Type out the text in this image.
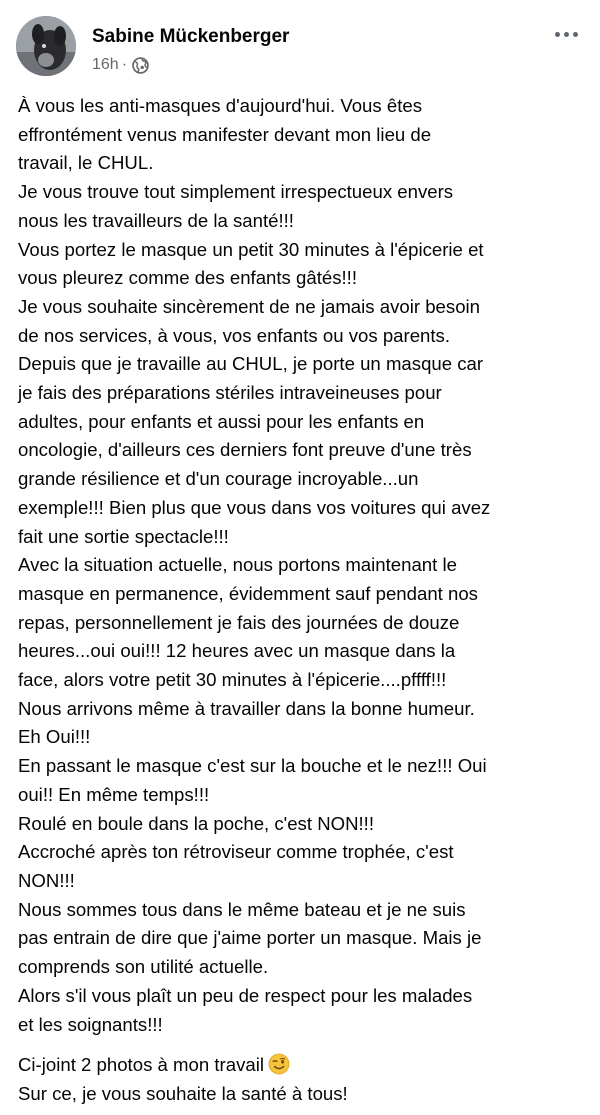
Sabine Mückenberger
16h ·
À vous les anti-masques d'aujourd'hui. Vous êtes
effrontément venus manifester devant mon lieu de
travail, le CHUL.
Je vous trouve tout simplement irrespectueux envers
nous les travailleurs de la santé!!!
Vous portez le masque un petit 30 minutes à l'épicerie et
vous pleurez comme des enfants gâtés!!!
Je vous souhaite sincèrement de ne jamais avoir besoin
de nos services, à vous, vos enfants ou vos parents.
Depuis que je travaille au CHUL, je porte un masque car
je fais des préparations stériles intraveineuses pour
adultes, pour enfants et aussi pour les enfants en
oncologie, d'ailleurs ces derniers font preuve d'une très
grande résilience et d'un courage incroyable...un
exemple!!! Bien plus que vous dans vos voitures qui avez
fait une sortie spectacle!!!
Avec la situation actuelle, nous portons maintenant le
masque en permanence, évidemment sauf pendant nos
repas, personnellement je fais des journées de douze
heures...oui oui!!! 12 heures avec un masque dans la
face, alors votre petit 30 minutes à l'épicerie....pffff!!!
Nous arrivons même à travailler dans la bonne humeur.
Eh Oui!!!
En passant le masque c'est sur la bouche et le nez!!! Oui
oui!! En même temps!!!
Roulé en boule dans la poche, c'est NON!!!
Accroché après ton rétroviseur comme trophée, c'est
NON!!!
Nous sommes tous dans le même bateau et je ne suis
pas entrain de dire que j'aime porter un masque. Mais je
comprends son utilité actuelle.
Alors s'il vous plaît un peu de respect pour les malades
et les soignants!!!
Ci-joint 2 photos à mon travail
Sur ce, je vous souhaite la santé à tous!
